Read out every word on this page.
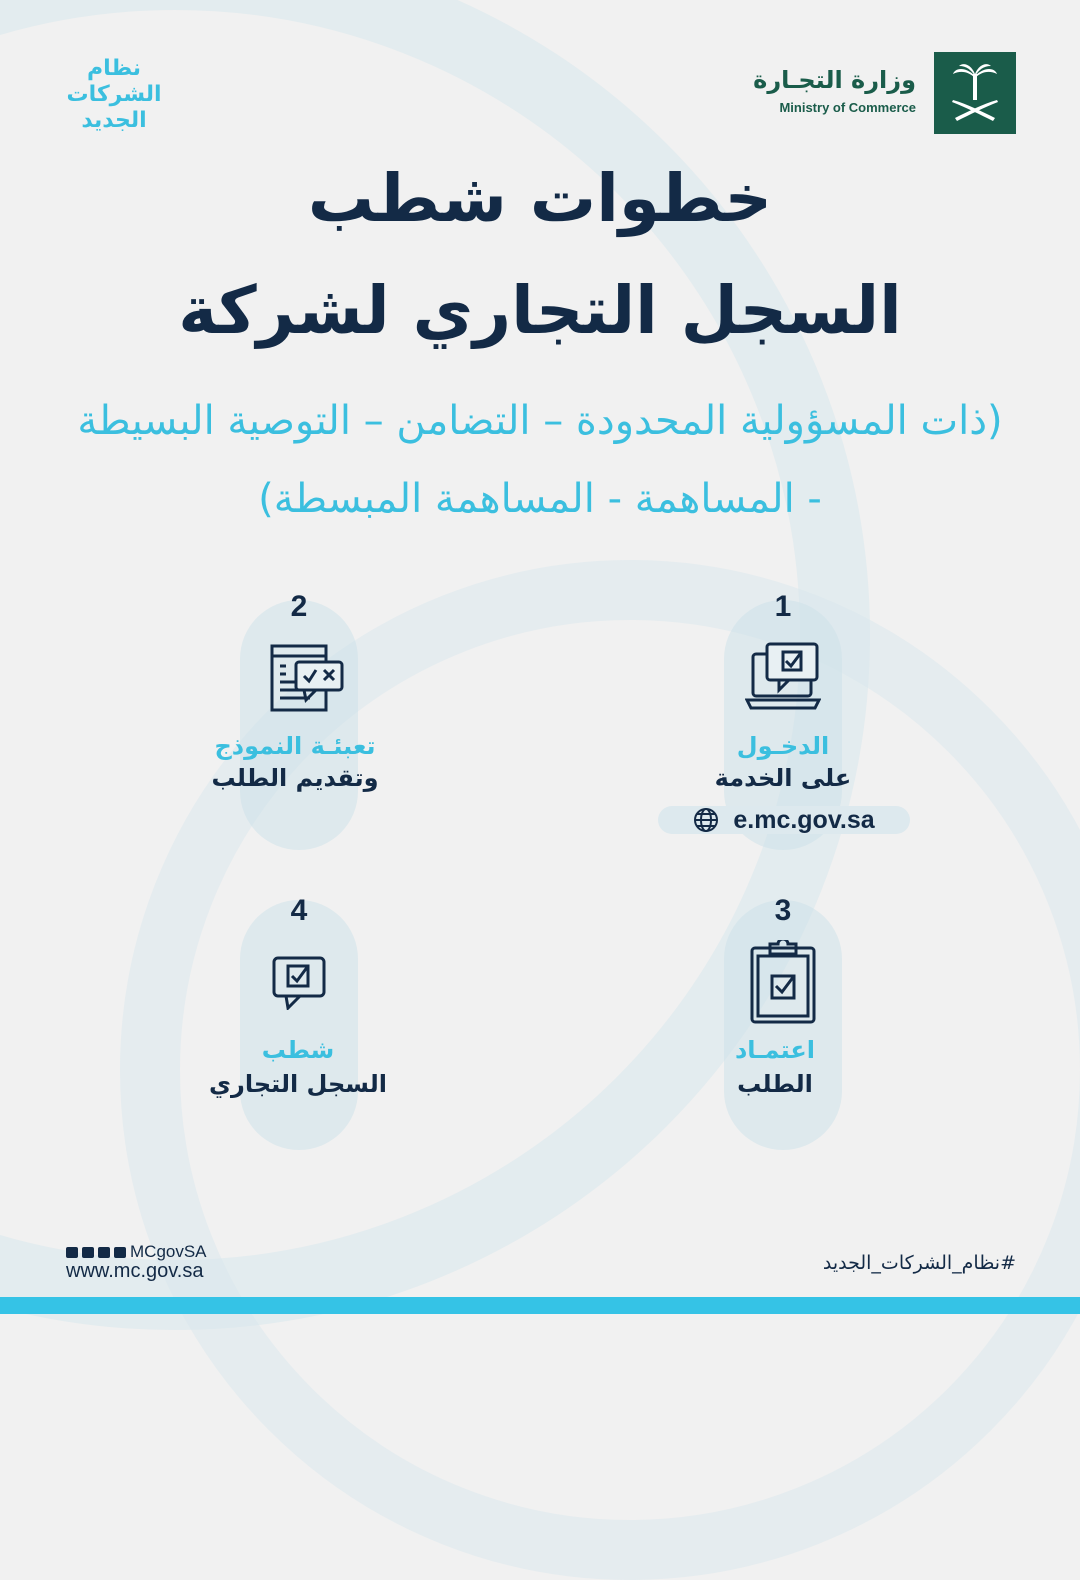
وزارة التجـارة
Ministry of Commerce
نظام
الشركات
الجديد
خطوات شطب
السجل التجاري لشركة
(ذات المسؤولية المحدودة – التضامن – التوصية البسيطة
- المساهمة - المساهمة المبسطة)
1
الدخـول
على الخدمة
e.mc.gov.sa
2
تعبئـة النموذج
وتقديم الطلب
3
اعتمـاد
الطلب
4
شطب
السجل التجاري
MCgovSA
www.mc.gov.sa	#نظام_الشركات_الجديد
